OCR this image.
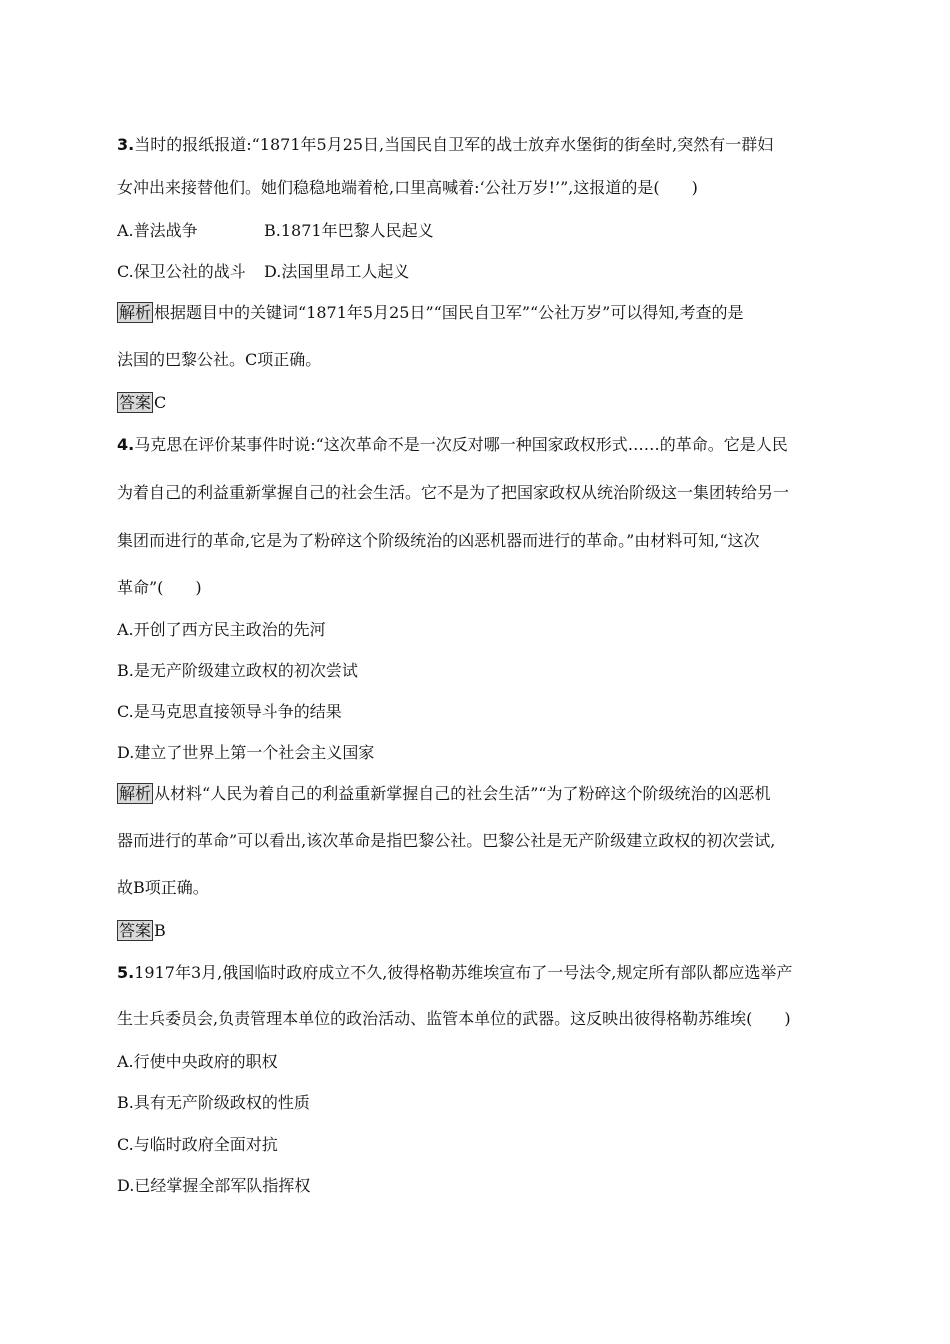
3.当时的报纸报道:“1871年5月25日,当国民自卫军的战士放弃水堡街的街垒时,突然有一群妇
女冲出来接替他们。她们稳稳地端着枪,口里高喊着:‘公社万岁!’”,这报道的是(　　)
A.普法战争	B.1871年巴黎人民起义
C.保卫公社的战斗 D.法国里昂工人起义
解析 根据题目中的关键词“1871年5月25日”“国民自卫军”“公社万岁”可以得知,考查的是
法国的巴黎公社。C项正确。
答案 C
4.马克思在评价某事件时说:“这次革命不是一次反对哪一种国家政权形式……的革命。它是人民
为着自己的利益重新掌握自己的社会生活。它不是为了把国家政权从统治阶级这一集团转给另一
集团而进行的革命,它是为了粉碎这个阶级统治的凶恶机器而进行的革命。”由材料可知,“这次
革命”(　　)
A.开创了西方民主政治的先河
B.是无产阶级建立政权的初次尝试
C.是马克思直接领导斗争的结果
D.建立了世界上第一个社会主义国家
解析 从材料“人民为着自己的利益重新掌握自己的社会生活”“为了粉碎这个阶级统治的凶恶机
器而进行的革命”可以看出,该次革命是指巴黎公社。巴黎公社是无产阶级建立政权的初次尝试,
故B项正确。
答案 B
5.1917年3月,俄国临时政府成立不久,彼得格勒苏维埃宣布了一号法令,规定所有部队都应选举产
生士兵委员会,负责管理本单位的政治活动、监管本单位的武器。这反映出彼得格勒苏维埃(　　)
A.行使中央政府的职权
B.具有无产阶级政权的性质
C.与临时政府全面对抗
D.已经掌握全部军队指挥权
